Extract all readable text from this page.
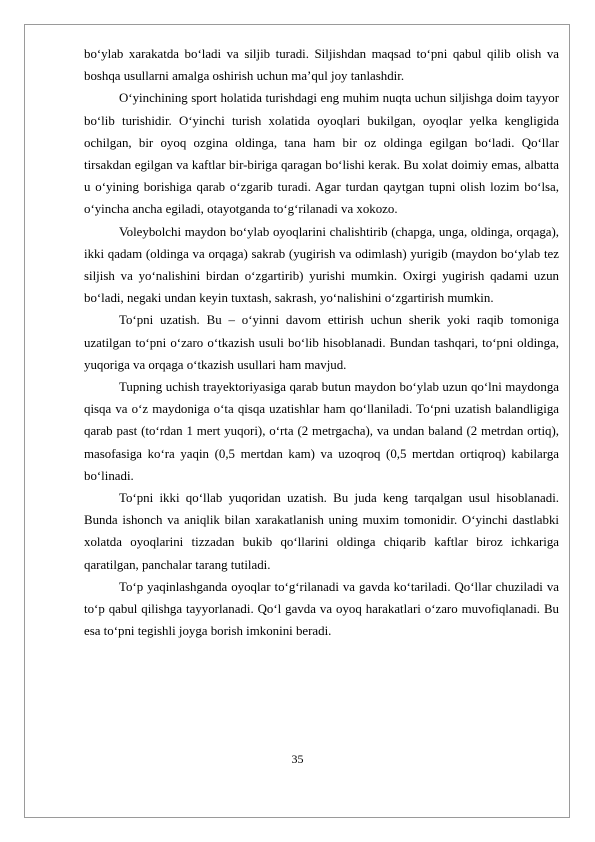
bo‘ylab xarakatda bo‘ladi va siljib turadi. Siljishdan maqsad to‘pni qabul qilib olish va boshqa usullarni amalga oshirish uchun ma’qul joy tanlashdir.

O‘yinchining sport holatida turishdagi eng muhim nuqta uchun siljishga doim tayyor bo‘lib turishidir. O‘yinchi turish xolatida oyoqlari bukilgan, oyoqlar yelka kengligida ochilgan, bir oyoq ozgina oldinga, tana ham bir oz oldinga egilgan bo‘ladi. Qo‘llar tirsakdan egilgan va kaftlar bir-biriga qaragan bo‘lishi kerak. Bu xolat doimiy emas, albatta u o‘yining borishiga qarab o‘zgarib turadi. Agar turdan qaytgan tupni olish lozim bo‘lsa, o‘yincha ancha egiladi, otayotganda to‘g‘rilanadi va xokozo.

Voleybolchi maydon bo‘ylab oyoqlarini chalishtirib (chapga, unga, oldinga, orqaga), ikki qadam (oldinga va orqaga) sakrab (yugirish va odimlash) yurigib (maydon bo‘ylab tez siljish va yo‘nalishini birdan o‘zgartirib) yurishi mumkin. Oxirgi yugirish qadami uzun bo‘ladi, negaki undan keyin tuxtash, sakrash, yo‘nalishini o‘zgartirish mumkin.

To‘pni uzatish. Bu – o‘yinni davom ettirish uchun sherik yoki raqib tomoniga uzatilgan to‘pni o‘zaro o‘tkazish usuli bo‘lib hisoblanadi. Bundan tashqari, to‘pni oldinga, yuqoriga va orqaga o‘tkazish usullari ham mavjud.

Tupning uchish trayektoriyasiga qarab butun maydon bo‘ylab uzun qo‘lni maydonga qisqa va o‘z maydoniga o‘ta qisqa uzatishlar ham qo‘llaniladi. To‘pni uzatish balandligiga qarab past (to‘rdan 1 mert yuqori), o‘rta (2 metrgacha), va undan baland (2 metrdan ortiq), masofasiga ko‘ra yaqin (0,5 mertdan kam) va uzoqroq (0,5 mertdan ortiqroq) kabilarga bo‘linadi.

To‘pni ikki qo‘llab yuqoridan uzatish. Bu juda keng tarqalgan usul hisoblanadi. Bunda ishonch va aniqlik bilan xarakatlanish uning muxim tomonidir. O‘yinchi dastlabki xolatda oyoqlarini tizzadan bukib qo‘llarini oldinga chiqarib kaftlar biroz ichkariga qaratilgan, panchalar tarang tutiladi.

To‘p yaqinlashganda oyoqlar to‘g‘rilanadi va gavda ko‘tariladi. Qo‘llar chuziladi va to‘p qabul qilishga tayyorlanadi. Qo‘l gavda va oyoq harakatlari o‘zaro muvofiqlanadi. Bu esa to‘pni tegishli joyga borish imkonini beradi.

35
